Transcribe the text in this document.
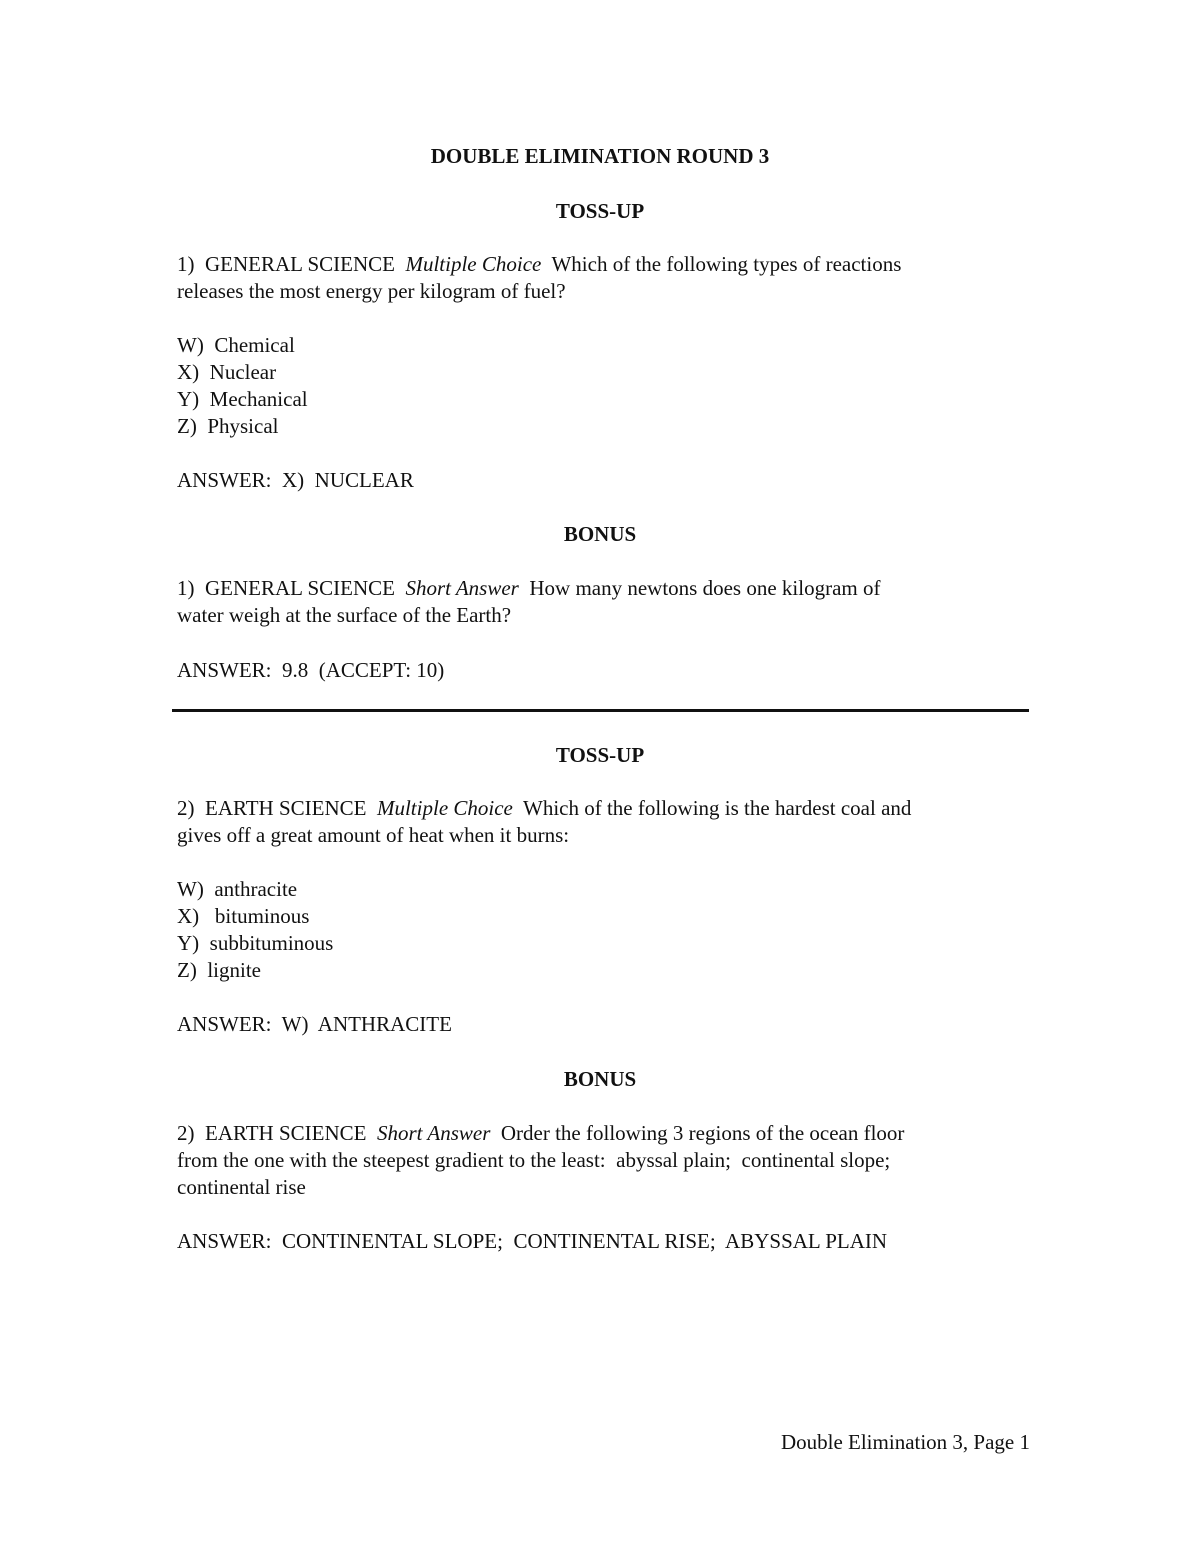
DOUBLE ELIMINATION ROUND 3
TOSS-UP
1)  GENERAL SCIENCE Multiple Choice Which of the following types of reactions
releases the most energy per kilogram of fuel?
W)  Chemical
X)  Nuclear
Y)  Mechanical
Z)  Physical
ANSWER:  X)  NUCLEAR
BONUS
1)  GENERAL SCIENCE Short Answer How many newtons does one kilogram of
water weigh at the surface of the Earth?
ANSWER:  9.8  (ACCEPT: 10)
TOSS-UP
2)  EARTH SCIENCE Multiple Choice Which of the following is the hardest coal and
gives off a great amount of heat when it burns:
W)  anthracite
X)   bituminous
Y)  subbituminous
Z)  lignite
ANSWER:  W)  ANTHRACITE
BONUS
2)  EARTH SCIENCE Short Answer Order the following 3 regions of the ocean floor
from the one with the steepest gradient to the least:  abyssal plain;  continental slope;
continental rise
ANSWER:  CONTINENTAL SLOPE;  CONTINENTAL RISE;  ABYSSAL PLAIN
Double Elimination 3, Page 1
